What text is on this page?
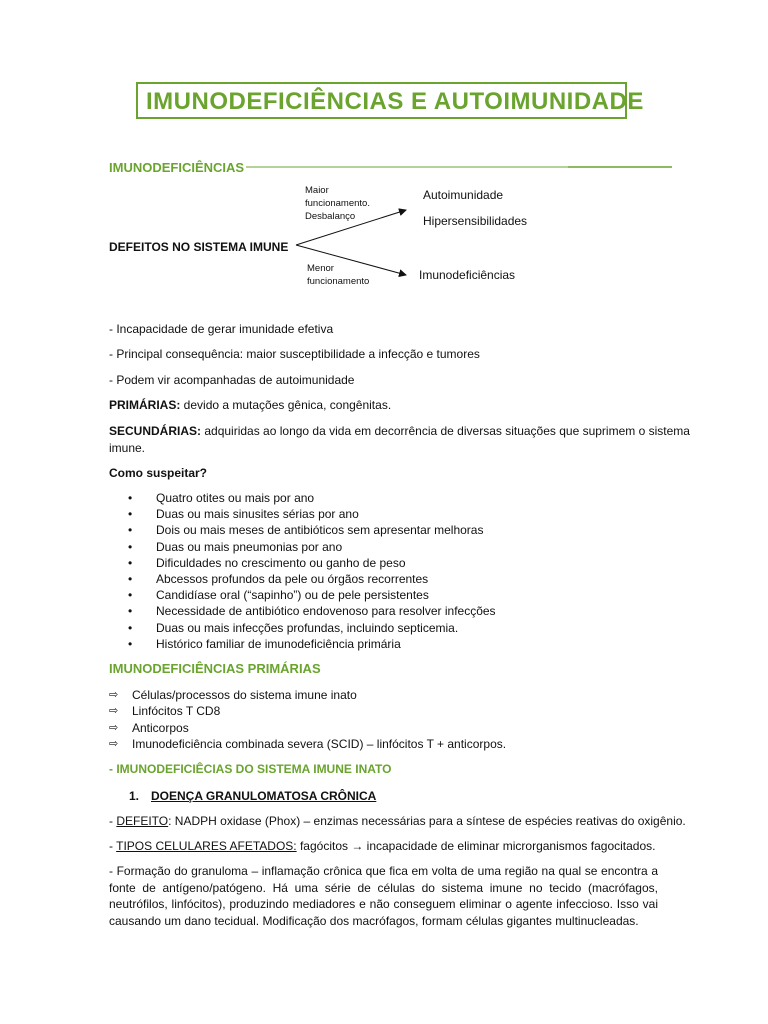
IMUNODEFICIÊNCIAS E AUTOIMUNIDADE
IMUNODEFICIÊNCIAS
DEFEITOS NO SISTEMA IMUNE
Maior
funcionamento.
Desbalanço
Menor
funcionamento
Autoimunidade
Hipersensibilidades
Imunodeficiências
- Incapacidade de gerar imunidade efetiva
- Principal consequência: maior susceptibilidade a infecção e tumores
- Podem vir acompanhadas de autoimunidade
PRIMÁRIAS: devido a mutações gênica, congênitas.
SECUNDÁRIAS: adquiridas ao longo da vida em decorrência de diversas situações que suprimem o sistema
imune.
Como suspeitar?
• Quatro otites ou mais por ano
• Duas ou mais sinusites sérias por ano
• Dois ou mais meses de antibióticos sem apresentar melhoras
• Duas ou mais pneumonias por ano
• Dificuldades no crescimento ou ganho de peso
• Abcessos profundos da pele ou órgãos recorrentes
• Candidíase oral (“sapinho”) ou de pele persistentes
• Necessidade de antibiótico endovenoso para resolver infecções
• Duas ou mais infecções profundas, incluindo septicemia.
• Histórico familiar de imunodeficiência primária
IMUNODEFICIÊNCIAS PRIMÁRIAS
⇨ Células/processos do sistema imune inato
⇨ Linfócitos T CD8
⇨ Anticorpos
⇨ Imunodeficiência combinada severa (SCID) – linfócitos T + anticorpos.
- IMUNODEFICIÊCIAS DO SISTEMA IMUNE INATO
1. DOENÇA GRANULOMATOSA CRÔNICA
- DEFEITO: NADPH oxidase (Phox) – enzimas necessárias para a síntese de espécies reativas do oxigênio.
- TIPOS CELULARES AFETADOS: fagócitos → incapacidade de eliminar microrganismos fagocitados.
- Formação do granuloma – inflamação crônica que fica em volta de uma região na qual se encontra a fonte de antígeno/patógeno. Há uma série de células do sistema imune no tecido (macrófagos, neutrófilos, linfócitos), produzindo mediadores e não conseguem eliminar o agente infeccioso. Isso vai causando um dano tecidual. Modificação dos macrófagos, formam células gigantes multinucleadas.
